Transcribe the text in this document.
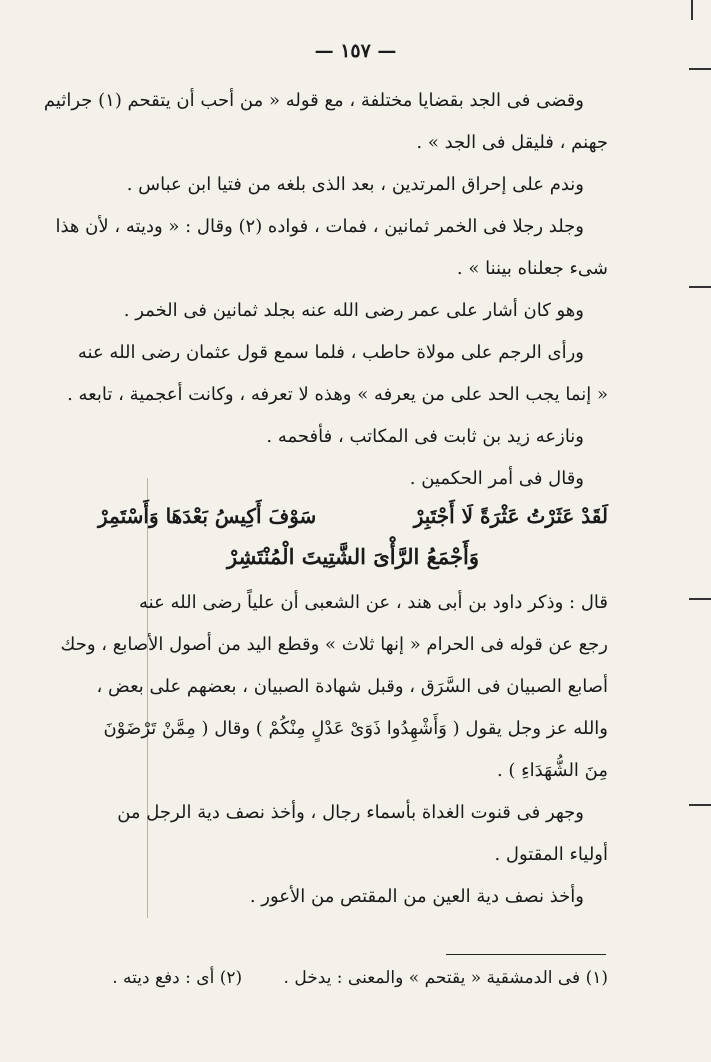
— ١٥٧ —
وقضى فى الجد بقضايا مختلفة ، مع قوله « من أحب أن يتقحم (١) جراثيم
جهنم ، فليقل فى الجد » .
وندم على إحراق المرتدين ، بعد الذى بلغه من فتيا ابن عباس .
وجلد رجلا فى الخمر ثمانين ، فمات ، فواده (٢) وقال : « وديته ، لأن هذا
شىء جعلناه بيننا » .
وهو كان أشار على عمر رضى الله عنه بجلد ثمانين فى الخمر .
ورأى الرجم على مولاة حاطب ، فلما سمع قول عثمان رضى الله عنه
« إنما يجب الحد على من يعرفه » وهذه لا تعرفه ، وكانت أعجمية ، تابعه .
ونازعه زيد بن ثابت فى المكاتب ، فأفحمه .
وقال فى أمر الحكمين .
لَقَدْ عَثَرْتُ عَثْرَةً لَا أَجْتَبِرْ
سَوْفَ أَكِيسُ بَعْدَهَا وَأَسْتَمِرْ
وَأَجْمَعُ الرَّأْىَ الشَّتِيتَ الْمُنْتَشِرْ
قال : وذكر داود بن أبى هند ، عن الشعبى أن علياً رضى الله عنه
رجع عن قوله فى الحرام « إنها ثلاث » وقطع اليد من أصول الأصابع ، وحك
أصابع الصبيان فى السَّرَق ، وقبل شهادة الصبيان ، بعضهم على بعض ،
والله عز وجل يقول ( وَأَشْهِدُوا ذَوَىْ عَدْلٍ مِنْكُمْ ) وقال ( مِمَّنْ تَرْضَوْنَ
مِنَ الشُّهَدَاءِ ) .
وجهر فى قنوت الغداة بأسماء رجال ، وأخذ نصف دية الرجل من
أولياء المقتول .
وأخذ نصف دية العين من المقتص من الأعور .
(١) فى الدمشقية « يقتحم » والمعنى : يدخل . (٢) أى : دفع ديته .
